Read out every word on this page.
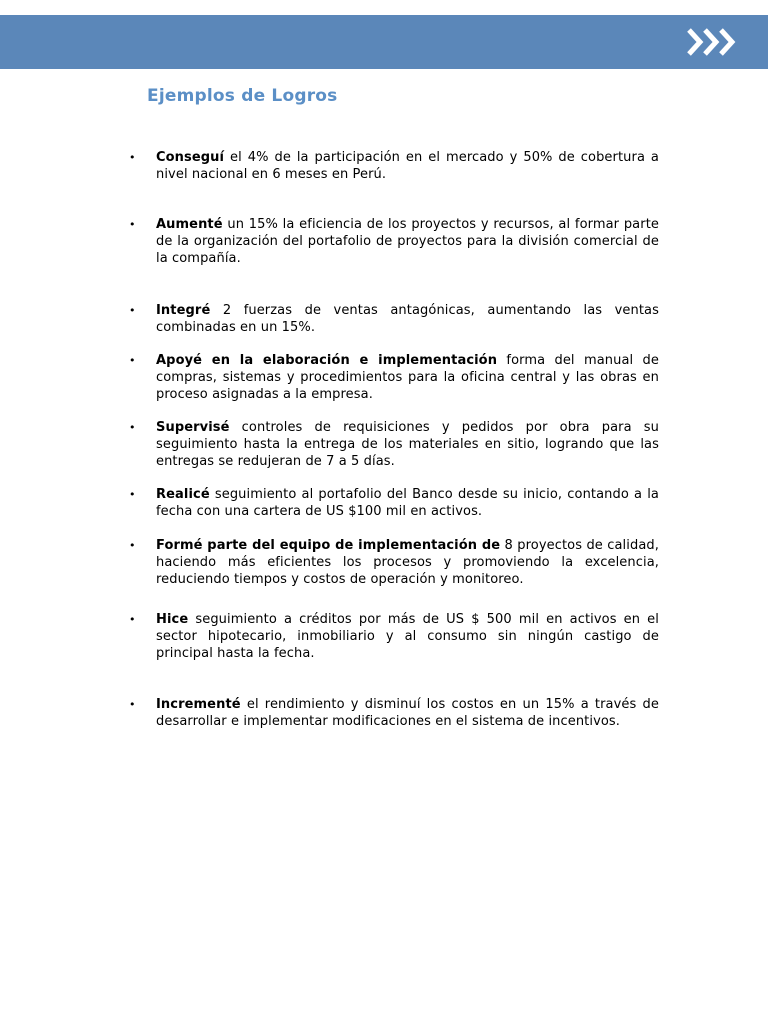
Ejemplos de Logros
• Conseguí el 4% de la participación en el mercado y 50% de cobertura a nivel nacional en 6 meses en Perú.
• Aumenté un 15% la eficiencia de los proyectos y recursos, al formar parte de la organización del portafolio de proyectos para la división comercial de la compañía.
• Integré 2 fuerzas de ventas antagónicas, aumentando las ventas combinadas en un 15%.
• Apoyé en la elaboración e implementación forma del manual de compras, sistemas y procedimientos para la oficina central y las obras en proceso asignadas a la empresa.
• Supervisé controles de requisiciones y pedidos por obra para su seguimiento hasta la entrega de los materiales en sitio, logrando que las entregas se redujeran de 7 a 5 días.
• Realicé seguimiento al portafolio del Banco desde su inicio, contando a la fecha con una cartera de US $100 mil en activos.
• Formé parte del equipo de implementación de 8 proyectos de calidad, haciendo más eficientes los procesos y promoviendo la excelencia, reduciendo tiempos y costos de operación y monitoreo.
• Hice seguimiento a créditos por más de US $ 500 mil en activos en el sector hipotecario, inmobiliario y al consumo sin ningún castigo de principal hasta la fecha.
• Incrementé el rendimiento y disminuí los costos en un 15% a través de desarrollar e implementar modificaciones en el sistema de incentivos.
